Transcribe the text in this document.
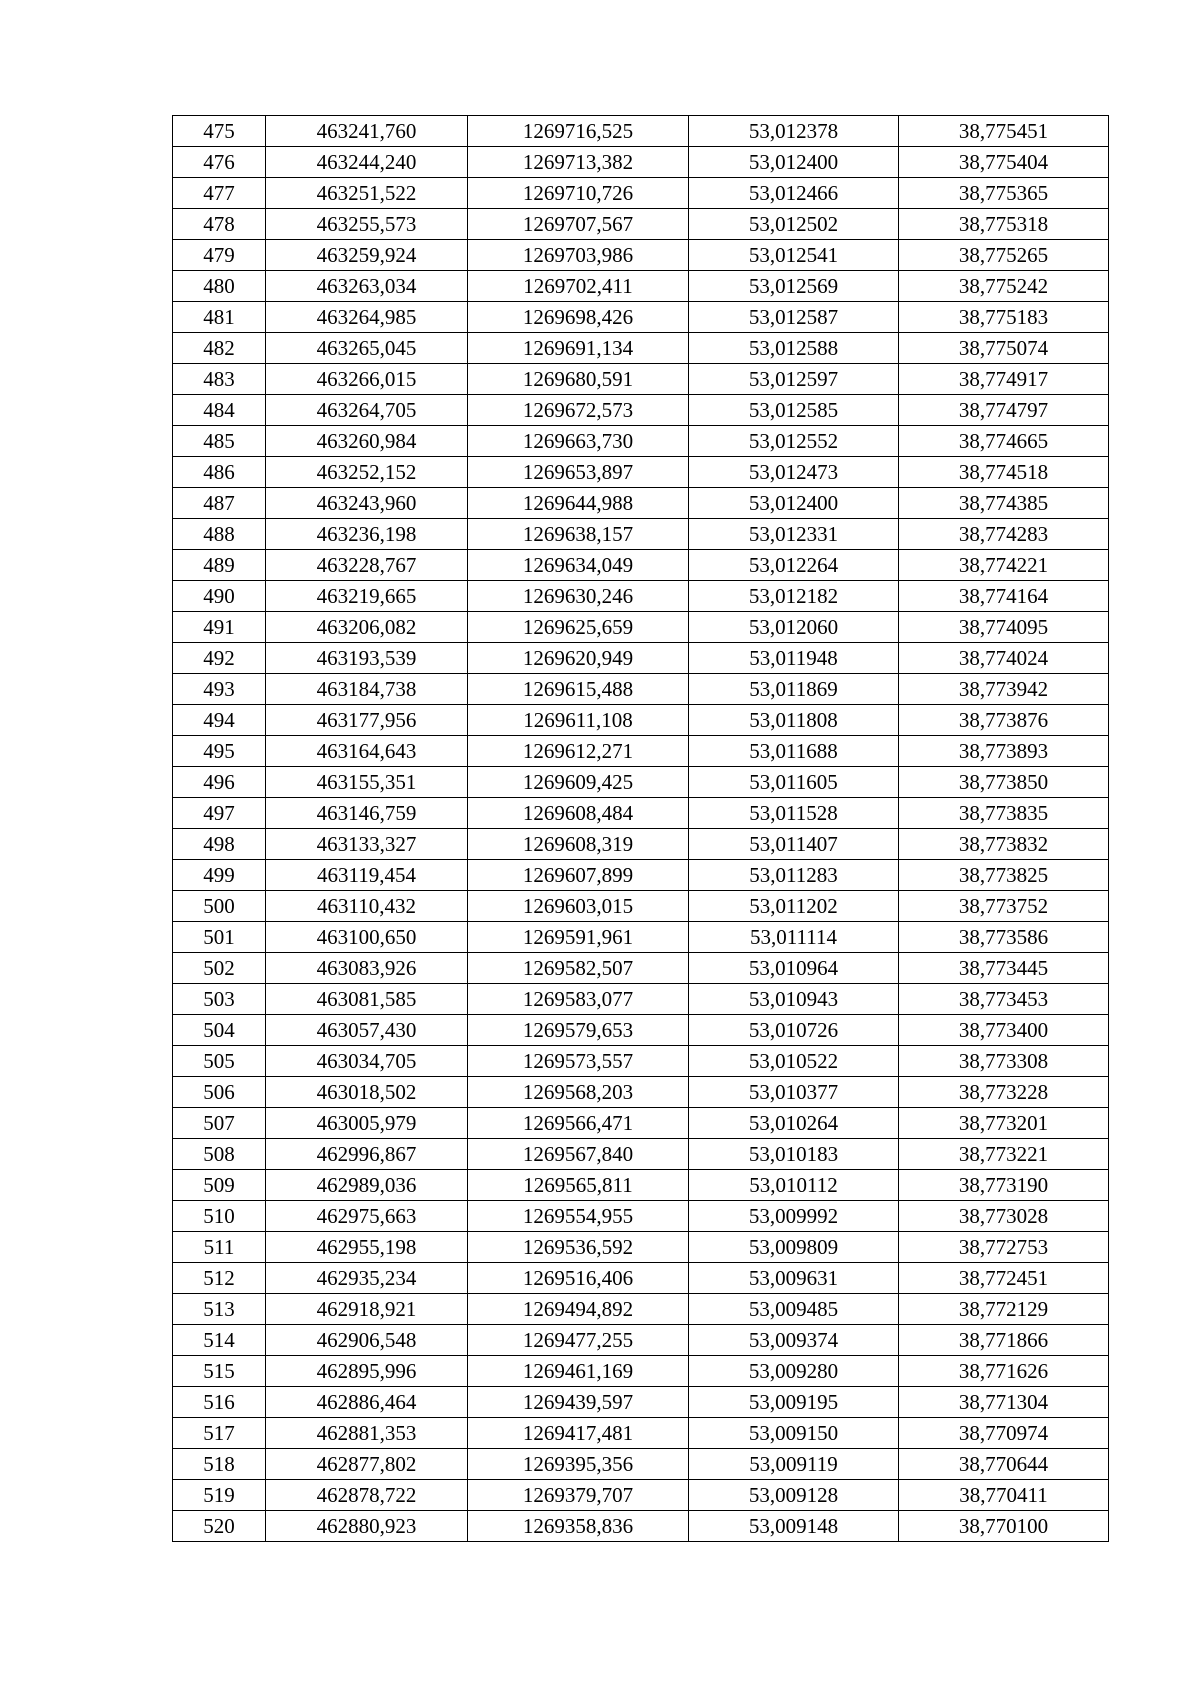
475	463241,760	1269716,525	53,012378	38,775451
476	463244,240	1269713,382	53,012400	38,775404
477	463251,522	1269710,726	53,012466	38,775365
478	463255,573	1269707,567	53,012502	38,775318
479	463259,924	1269703,986	53,012541	38,775265
480	463263,034	1269702,411	53,012569	38,775242
481	463264,985	1269698,426	53,012587	38,775183
482	463265,045	1269691,134	53,012588	38,775074
483	463266,015	1269680,591	53,012597	38,774917
484	463264,705	1269672,573	53,012585	38,774797
485	463260,984	1269663,730	53,012552	38,774665
486	463252,152	1269653,897	53,012473	38,774518
487	463243,960	1269644,988	53,012400	38,774385
488	463236,198	1269638,157	53,012331	38,774283
489	463228,767	1269634,049	53,012264	38,774221
490	463219,665	1269630,246	53,012182	38,774164
491	463206,082	1269625,659	53,012060	38,774095
492	463193,539	1269620,949	53,011948	38,774024
493	463184,738	1269615,488	53,011869	38,773942
494	463177,956	1269611,108	53,011808	38,773876
495	463164,643	1269612,271	53,011688	38,773893
496	463155,351	1269609,425	53,011605	38,773850
497	463146,759	1269608,484	53,011528	38,773835
498	463133,327	1269608,319	53,011407	38,773832
499	463119,454	1269607,899	53,011283	38,773825
500	463110,432	1269603,015	53,011202	38,773752
501	463100,650	1269591,961	53,011114	38,773586
502	463083,926	1269582,507	53,010964	38,773445
503	463081,585	1269583,077	53,010943	38,773453
504	463057,430	1269579,653	53,010726	38,773400
505	463034,705	1269573,557	53,010522	38,773308
506	463018,502	1269568,203	53,010377	38,773228
507	463005,979	1269566,471	53,010264	38,773201
508	462996,867	1269567,840	53,010183	38,773221
509	462989,036	1269565,811	53,010112	38,773190
510	462975,663	1269554,955	53,009992	38,773028
511	462955,198	1269536,592	53,009809	38,772753
512	462935,234	1269516,406	53,009631	38,772451
513	462918,921	1269494,892	53,009485	38,772129
514	462906,548	1269477,255	53,009374	38,771866
515	462895,996	1269461,169	53,009280	38,771626
516	462886,464	1269439,597	53,009195	38,771304
517	462881,353	1269417,481	53,009150	38,770974
518	462877,802	1269395,356	53,009119	38,770644
519	462878,722	1269379,707	53,009128	38,770411
520	462880,923	1269358,836	53,009148	38,770100
